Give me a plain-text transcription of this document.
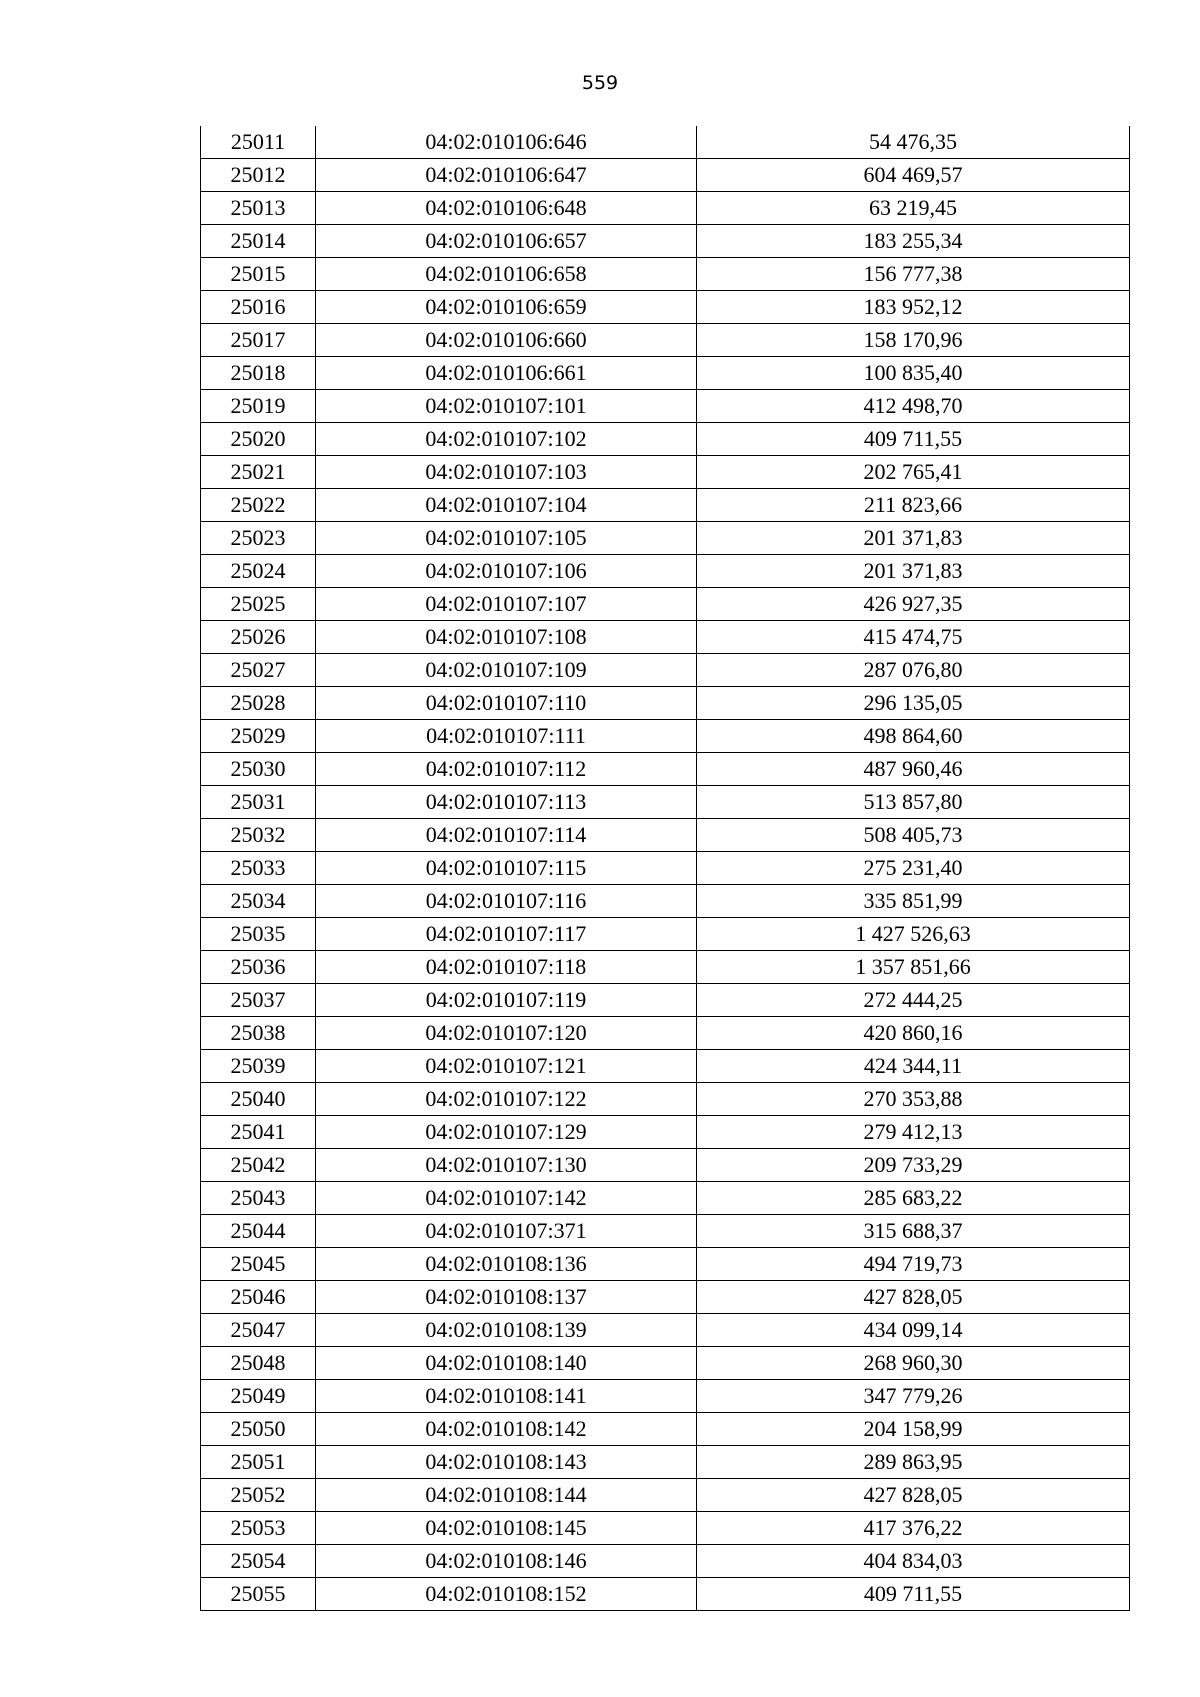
559
25011	04:02:010106:646	54 476,35
25012	04:02:010106:647	604 469,57
25013	04:02:010106:648	63 219,45
25014	04:02:010106:657	183 255,34
25015	04:02:010106:658	156 777,38
25016	04:02:010106:659	183 952,12
25017	04:02:010106:660	158 170,96
25018	04:02:010106:661	100 835,40
25019	04:02:010107:101	412 498,70
25020	04:02:010107:102	409 711,55
25021	04:02:010107:103	202 765,41
25022	04:02:010107:104	211 823,66
25023	04:02:010107:105	201 371,83
25024	04:02:010107:106	201 371,83
25025	04:02:010107:107	426 927,35
25026	04:02:010107:108	415 474,75
25027	04:02:010107:109	287 076,80
25028	04:02:010107:110	296 135,05
25029	04:02:010107:111	498 864,60
25030	04:02:010107:112	487 960,46
25031	04:02:010107:113	513 857,80
25032	04:02:010107:114	508 405,73
25033	04:02:010107:115	275 231,40
25034	04:02:010107:116	335 851,99
25035	04:02:010107:117	1 427 526,63
25036	04:02:010107:118	1 357 851,66
25037	04:02:010107:119	272 444,25
25038	04:02:010107:120	420 860,16
25039	04:02:010107:121	424 344,11
25040	04:02:010107:122	270 353,88
25041	04:02:010107:129	279 412,13
25042	04:02:010107:130	209 733,29
25043	04:02:010107:142	285 683,22
25044	04:02:010107:371	315 688,37
25045	04:02:010108:136	494 719,73
25046	04:02:010108:137	427 828,05
25047	04:02:010108:139	434 099,14
25048	04:02:010108:140	268 960,30
25049	04:02:010108:141	347 779,26
25050	04:02:010108:142	204 158,99
25051	04:02:010108:143	289 863,95
25052	04:02:010108:144	427 828,05
25053	04:02:010108:145	417 376,22
25054	04:02:010108:146	404 834,03
25055	04:02:010108:152	409 711,55
